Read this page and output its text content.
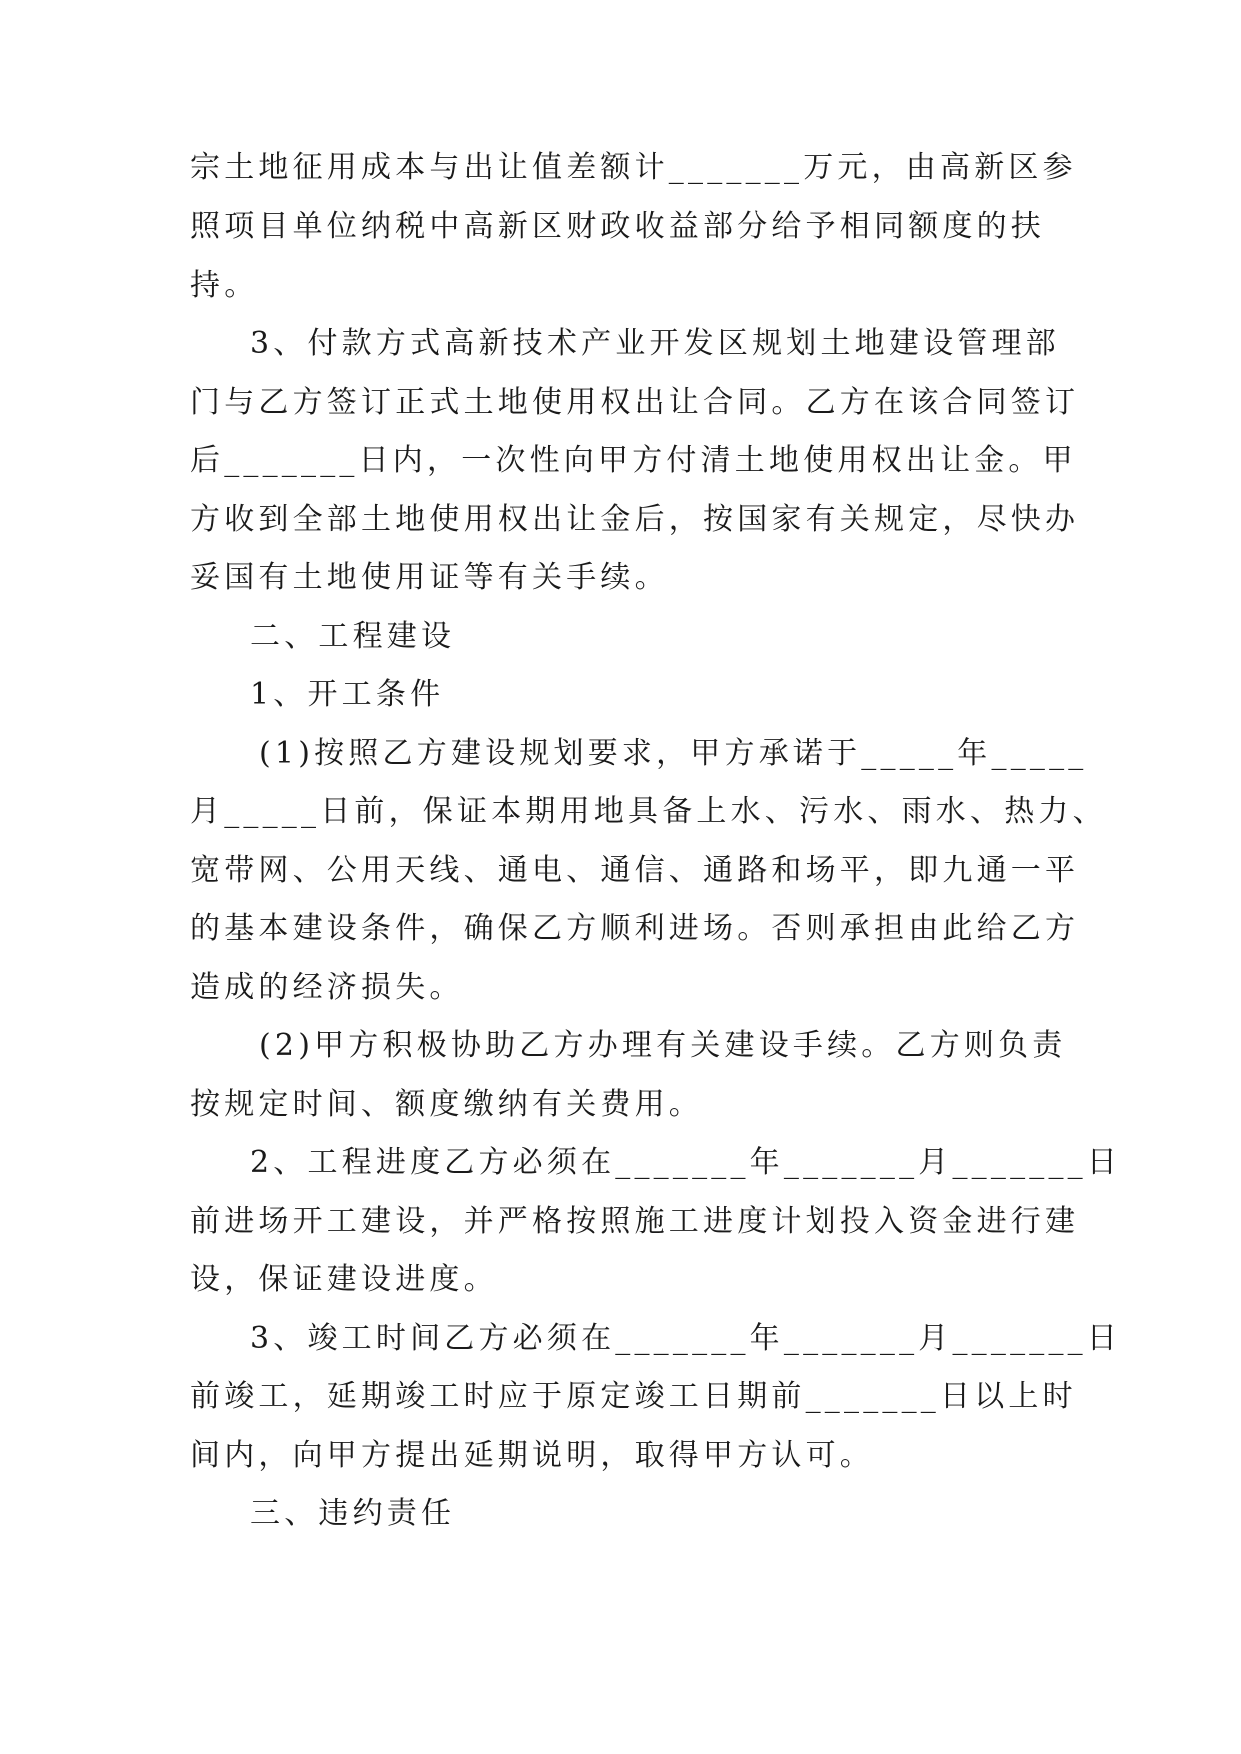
宗土地征用成本与出让值差额计_______万元，由高新区参
照项目单位纳税中高新区财政收益部分给予相同额度的扶
持。
3、付款方式高新技术产业开发区规划土地建设管理部
门与乙方签订正式土地使用权出让合同。乙方在该合同签订
后_______日内，一次性向甲方付清土地使用权出让金。甲
方收到全部土地使用权出让金后，按国家有关规定，尽快办
妥国有土地使用证等有关手续。
二、工程建设
1、开工条件
(1)按照乙方建设规划要求，甲方承诺于_____年_____
月_____日前，保证本期用地具备上水、污水、雨水、热力、
宽带网、公用天线、通电、通信、通路和场平，即九通一平
的基本建设条件，确保乙方顺利进场。否则承担由此给乙方
造成的经济损失。
(2)甲方积极协助乙方办理有关建设手续。乙方则负责
按规定时间、额度缴纳有关费用。
2、工程进度乙方必须在_______年_______月_______日
前进场开工建设，并严格按照施工进度计划投入资金进行建
设，保证建设进度。
3、竣工时间乙方必须在_______年_______月_______日
前竣工，延期竣工时应于原定竣工日期前_______日以上时
间内，向甲方提出延期说明，取得甲方认可。
三、违约责任
